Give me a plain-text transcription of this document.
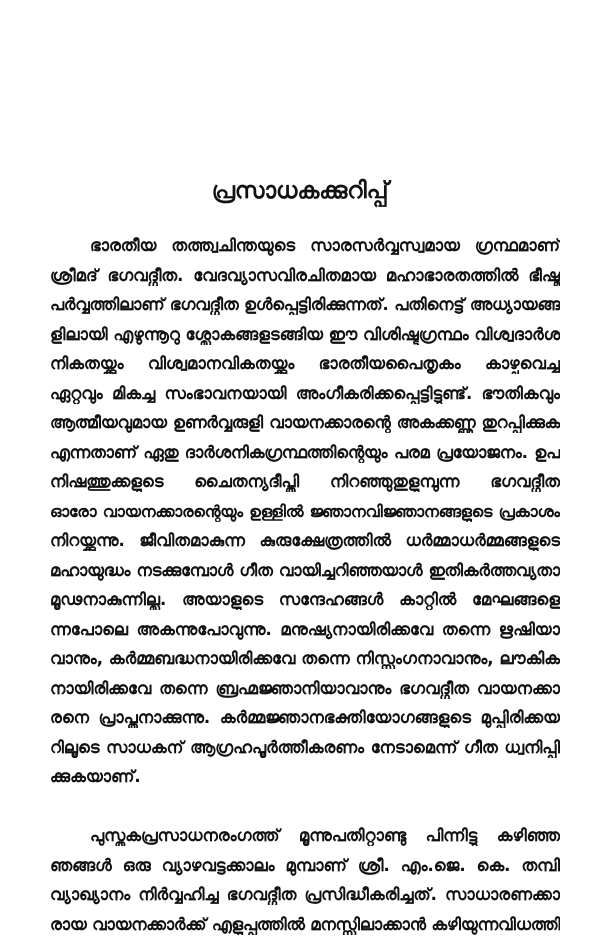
പ്രസാധകക്കുറിപ്പ്
ഭാരതീയ തത്ത്വചിന്തയുടെ സാരസർവ്വസ്വമായ ഗ്രന്ഥമാണ്
ശ്രീമദ് ഭഗവദ്ഗീത. വേദവ്യാസവിരചിതമായ മഹാഭാരതത്തിൽ ഭീഷ്മ
പർവ്വത്തിലാണ് ഭഗവദ്ഗീത ഉൾപ്പെട്ടിരിക്കുന്നത്. പതിനെട്ട് അധ്യായങ്ങ
ളിലായി എഴുന്നൂറു ശ്ലോകങ്ങളടങ്ങിയ ഈ വിശിഷ്ടഗ്രന്ഥം വിശ്വദാർശ
നികതയ്ക്കും വിശ്വമാനവികതയ്ക്കും ഭാരതീയപൈതൃകം കാഴ്ചവെച്ച
ഏറ്റവും മികച്ച സംഭാവനയായി അംഗീകരിക്കപ്പെട്ടിട്ടുണ്ട്. ഭൗതികവും
ആത്മീയവുമായ ഉണർവ്വരുളി വായനക്കാരന്റെ അകക്കണ്ണു തുറപ്പിക്കുക
എന്നതാണ് ഏതു ദാർശനികഗ്രന്ഥത്തിന്റെയും പരമ പ്രയോജനം. ഉപ
നിഷത്തുക്കളുടെ ചൈതന്യദീപ്തി നിറഞ്ഞുതുളുമ്പുന്ന ഭഗവദ്ഗീത
ഓരോ വായനക്കാരന്റെയും ഉള്ളിൽ ജ്ഞാനവിജ്ഞാനങ്ങളുടെ പ്രകാശം
നിറയ്ക്കുന്നു. ജീവിതമാകുന്ന കുരുക്ഷേത്രത്തിൽ ധർമ്മാധർമ്മങ്ങളുടെ
മഹായുദ്ധം നടക്കുമ്പോൾ ഗീത വായിച്ചറിഞ്ഞയാൾ ഇതികർത്തവ്യതാ
മൂഢനാകുന്നില്ല. അയാളുടെ സന്ദേഹങ്ങൾ കാറ്റിൽ മേഘങ്ങളെ
ന്നപോലെ അകന്നുപോവുന്നു. മനുഷ്യനായിരിക്കവേ തന്നെ ഋഷിയാ
വാനും, കർമ്മബദ്ധനായിരിക്കവേ തന്നെ നിസ്സംഗനാവാനും, ലൗകിക
നായിരിക്കവേ തന്നെ ബ്രഹ്മജ്ഞാനിയാവാനും ഭഗവദ്ഗീത വായനക്കാ
രനെ പ്രാപ്തനാക്കുന്നു. കർമ്മജ്ഞാനഭക്തിയോഗങ്ങളുടെ മുപ്പിരിക്കയ
റിലൂടെ സാധകന് ആഗ്രഹപൂർത്തീകരണം നേടാമെന്ന് ഗീത ധ്വനിപ്പി
ക്കുകയാണ്.
പുസ്തകപ്രസാധനരംഗത്ത് മൂന്നുപതിറ്റാണ്ടു പിന്നിട്ടു കഴിഞ്ഞ
ഞങ്ങൾ ഒരു വ്യാഴവട്ടക്കാലം മുമ്പാണ് ശ്രീ. എം.ജെ. കെ. തമ്പി
വ്യാഖ്യാനം നിർവ്വഹിച്ച ഭഗവദ്ഗീത പ്രസിദ്ധീകരിച്ചത്. സാധാരണക്കാ
രായ വായനക്കാർക്ക് എളുപ്പത്തിൽ മനസ്സിലാക്കാൻ കഴിയുന്നവിധത്തി
